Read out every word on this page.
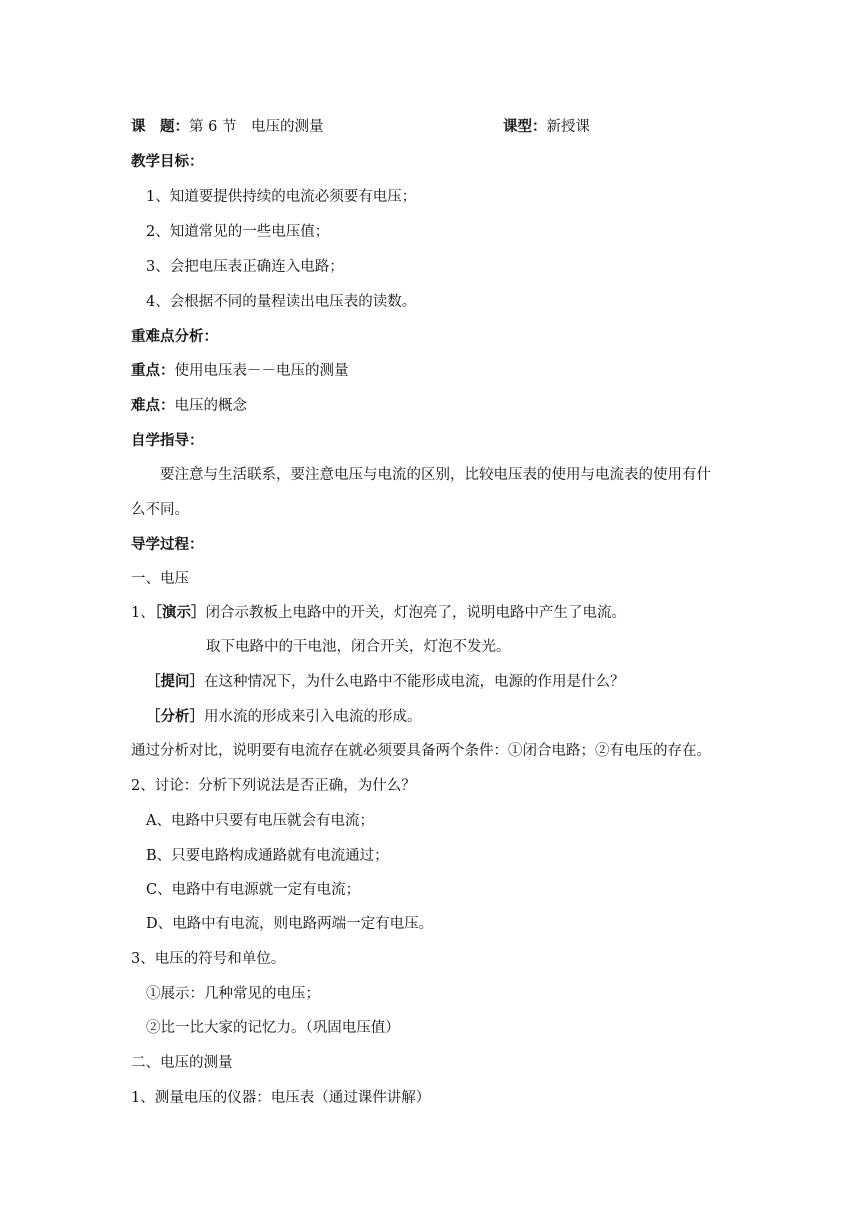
课　题：第 6 节　电压的测量	课型：新授课
教学目标：
1、知道要提供持续的电流必须要有电压；
2、知道常见的一些电压值；
3、会把电压表正确连入电路；
4、会根据不同的量程读出电压表的读数。
重难点分析：
重点：使用电压表－－电压的测量
难点：电压的概念
自学指导：
要注意与生活联系，要注意电压与电流的区别，比较电压表的使用与电流表的使用有什
么不同。
导学过程：
一、电压
1、［演示］闭合示教板上电路中的开关，灯泡亮了，说明电路中产生了电流。
取下电路中的干电池，闭合开关，灯泡不发光。
［提问］在这种情况下，为什么电路中不能形成电流，电源的作用是什么？
［分析］用水流的形成来引入电流的形成。
通过分析对比，说明要有电流存在就必须要具备两个条件：①闭合电路；②有电压的存在。
2、讨论：分析下列说法是否正确，为什么？
A、电路中只要有电压就会有电流；
B、只要电路构成通路就有电流通过；
C、电路中有电源就一定有电流；
D、电路中有电流，则电路两端一定有电压。
3、电压的符号和单位。
①展示：几种常见的电压；
②比一比大家的记忆力。（巩固电压值）
二、电压的测量
1、测量电压的仪器：电压表（通过课件讲解）
